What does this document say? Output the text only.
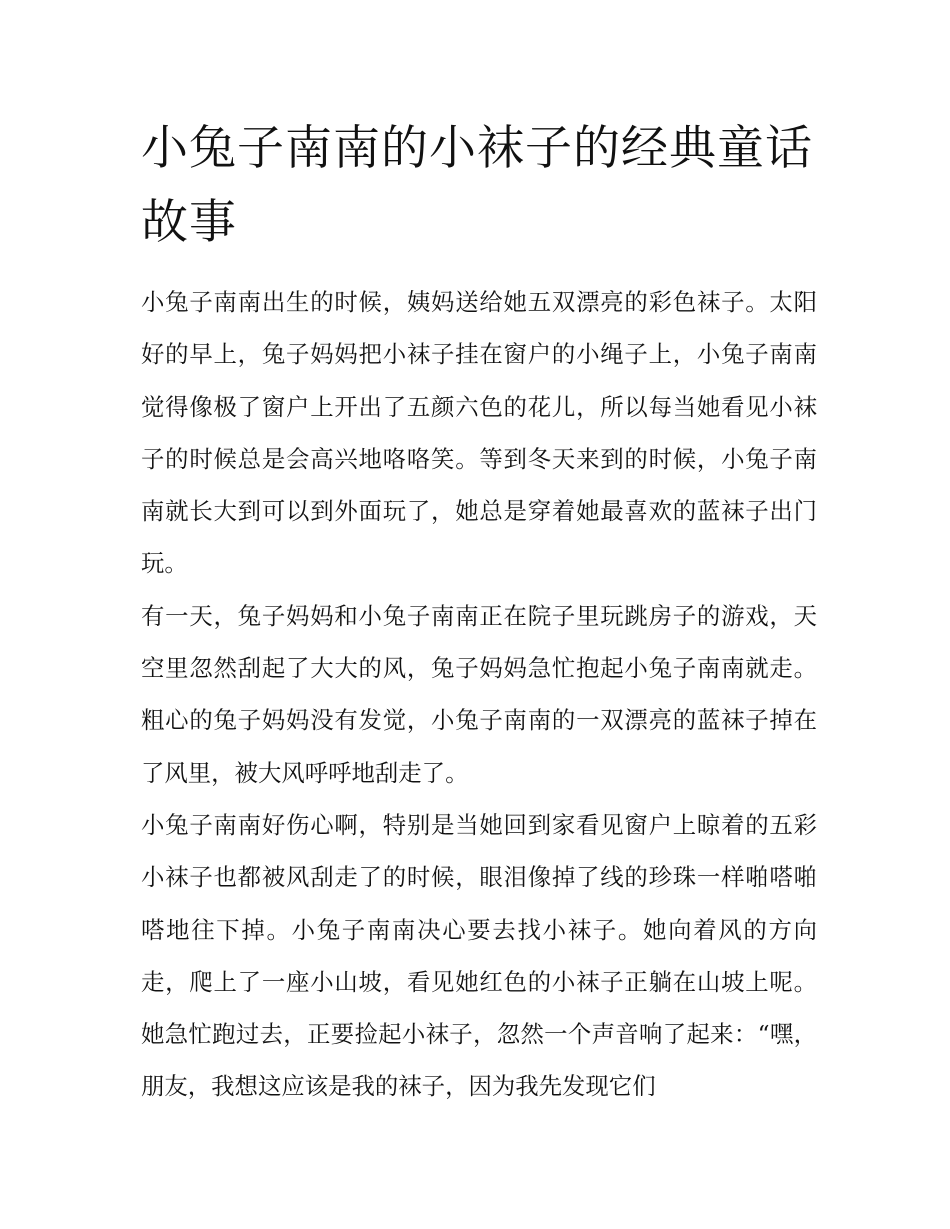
小兔子南南的小袜子的经典童话故事

小兔子南南出生的时候，姨妈送给她五双漂亮的彩色袜子。太阳好的早上，兔子妈妈把小袜子挂在窗户的小绳子上，小兔子南南觉得像极了窗户上开出了五颜六色的花儿，所以每当她看见小袜子的时候总是会高兴地咯咯笑。等到冬天来到的时候，小兔子南南就长大到可以到外面玩了，她总是穿着她最喜欢的蓝袜子出门玩。

有一天，兔子妈妈和小兔子南南正在院子里玩跳房子的游戏，天空里忽然刮起了大大的风，兔子妈妈急忙抱起小兔子南南就走。粗心的兔子妈妈没有发觉，小兔子南南的一双漂亮的蓝袜子掉在了风里，被大风呼呼地刮走了。

小兔子南南好伤心啊，特别是当她回到家看见窗户上晾着的五彩小袜子也都被风刮走了的时候，眼泪像掉了线的珍珠一样啪嗒啪嗒地往下掉。小兔子南南决心要去找小袜子。她向着风的方向走，爬上了一座小山坡，看见她红色的小袜子正躺在山坡上呢。她急忙跑过去，正要捡起小袜子，忽然一个声音响了起来：“嘿，朋友，我想这应该是我的袜子，因为我先发现它们
